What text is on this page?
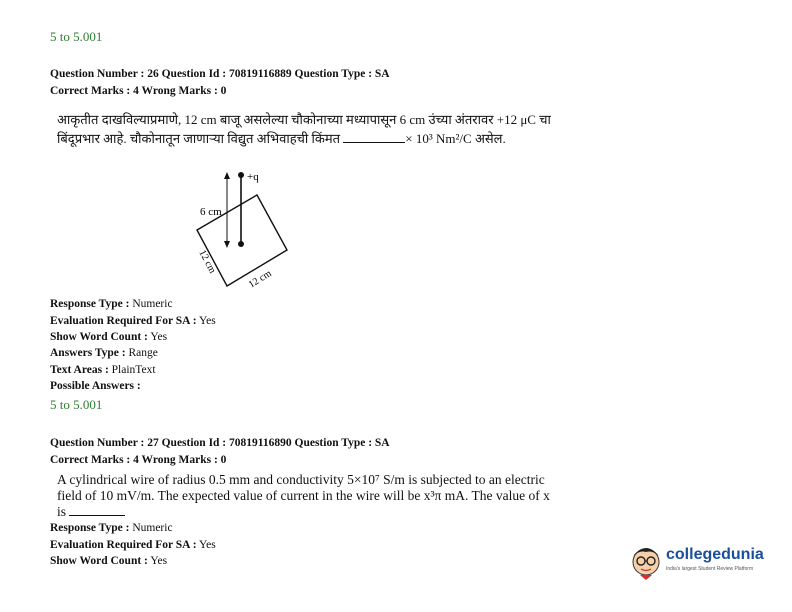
5 to 5.001
Question Number : 26 Question Id : 70819116889 Question Type : SA
Correct Marks : 4 Wrong Marks : 0
आकृतीत दाखविल्याप्रमाणे, 12 cm बाजू असलेल्या चौकोनाच्या मध्यापासून 6 cm उंच्या अंतरावर +12 μC चा
बिंदूप्रभार आहे. चौकोनातून जाणाऱ्या विद्युत अभिवाहची किंमत	× 10³ Nm²/C असेल.
+q
6 cm
12 cm
12 cm
Response Type : Numeric
Evaluation Required For SA : Yes
Show Word Count : Yes
Answers Type : Range
Text Areas : PlainText
Possible Answers :
5 to 5.001
Question Number : 27 Question Id : 70819116890 Question Type : SA
Correct Marks : 4 Wrong Marks : 0
A cylindrical wire of radius 0.5 mm and conductivity 5×10⁷ S/m is subjected to an electric
field of 10 mV/m. The expected value of current in the wire will be x³π mA. The value of x
is
Response Type : Numeric
Evaluation Required For SA : Yes
Show Word Count : Yes	collegedunia
India's largest Student Review Platform
